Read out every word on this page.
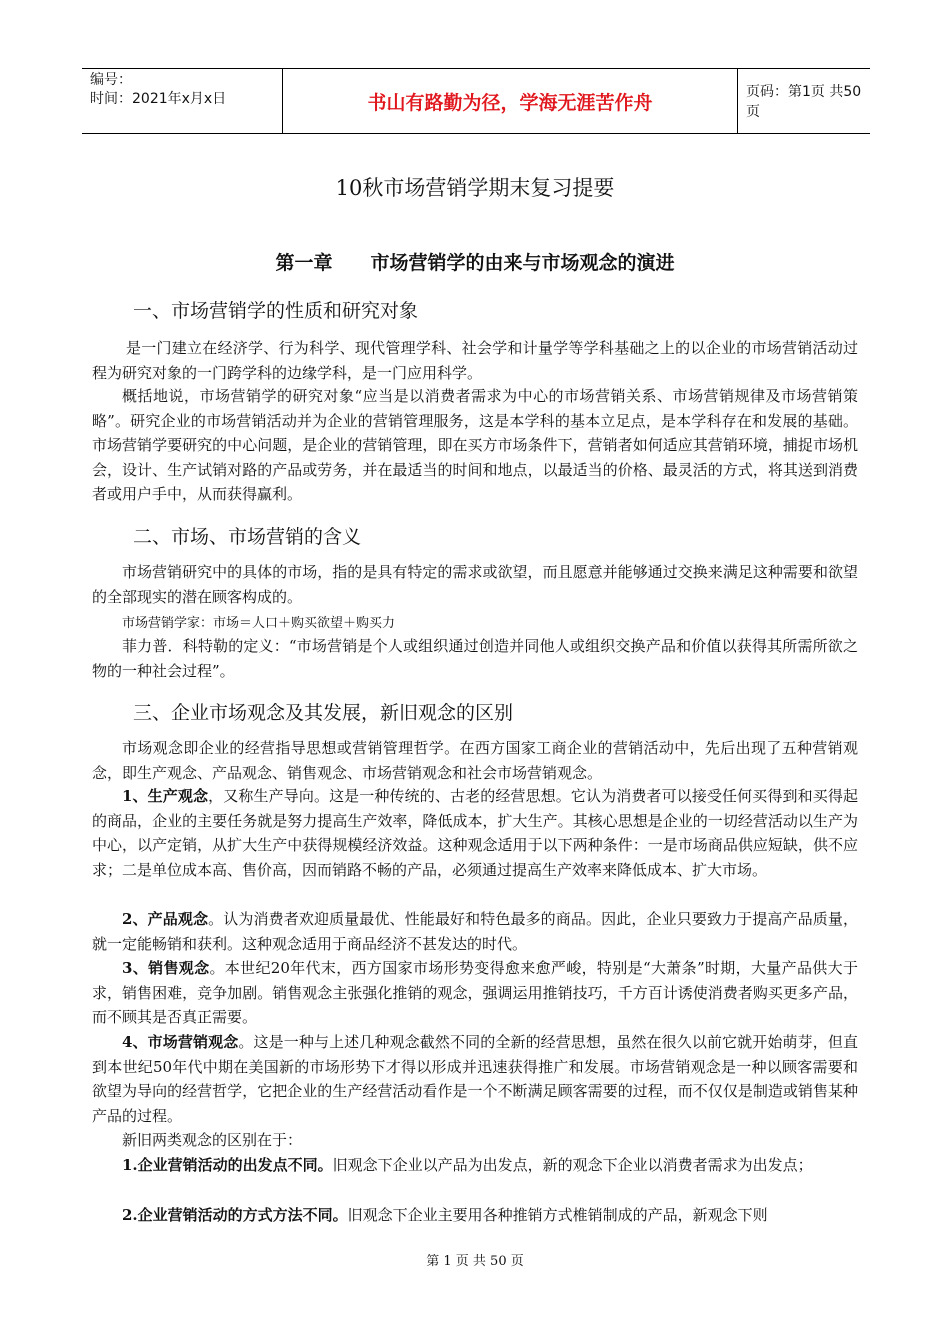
编号：
时间：2021年x月x日	书山有路勤为径，学海无涯苦作舟	页码：第1页 共50页
10秋市场营销学期末复习提要
第一章　　市场营销学的由来与市场观念的演进
一、市场营销学的性质和研究对象
是一门建立在经济学、行为科学、现代管理学科、社会学和计量学等学科基础之上的以企业的市场营销活动过程为研究对象的一门跨学科的边缘学科，是一门应用科学。
概括地说，市场营销学的研究对象“应当是以消费者需求为中心的市场营销关系、市场营销规律及市场营销策略”。研究企业的市场营销活动并为企业的营销管理服务，这是本学科的基本立足点，是本学科存在和发展的基础。市场营销学要研究的中心问题，是企业的营销管理，即在买方市场条件下，营销者如何适应其营销环境，捕捉市场机会，设计、生产试销对路的产品或劳务，并在最适当的时间和地点，以最适当的价格、最灵活的方式，将其送到消费者或用户手中，从而获得赢利。
二、市场、市场营销的含义
市场营销研究中的具体的市场，指的是具有特定的需求或欲望，而且愿意并能够通过交换来满足这种需要和欲望的全部现实的潜在顾客构成的。
市场营销学家：市场＝人口＋购买欲望＋购买力
菲力普．科特勒的定义：“市场营销是个人或组织通过创造并同他人或组织交换产品和价值以获得其所需所欲之物的一种社会过程”。
三、企业市场观念及其发展，新旧观念的区别
市场观念即企业的经营指导思想或营销管理哲学。在西方国家工商企业的营销活动中，先后出现了五种营销观念，即生产观念、产品观念、销售观念、市场营销观念和社会市场营销观念。
1、生产观念，又称生产导向。这是一种传统的、古老的经营思想。它认为消费者可以接受任何买得到和买得起的商品，企业的主要任务就是努力提高生产效率，降低成本，扩大生产。其核心思想是企业的一切经营活动以生产为中心，以产定销，从扩大生产中获得规模经济效益。这种观念适用于以下两种条件：一是市场商品供应短缺，供不应求；二是单位成本高、售价高，因而销路不畅的产品，必须通过提高生产效率来降低成本、扩大市场。
2、产品观念。认为消费者欢迎质量最优、性能最好和特色最多的商品。因此，企业只要致力于提高产品质量，就一定能畅销和获利。这种观念适用于商品经济不甚发达的时代。
3、销售观念。本世纪20年代末，西方国家市场形势变得愈来愈严峻，特别是“大萧条”时期，大量产品供大于求，销售困难，竞争加剧。销售观念主张强化推销的观念，强调运用推销技巧，千方百计诱使消费者购买更多产品，而不顾其是否真正需要。
4、市场营销观念。这是一种与上述几种观念截然不同的全新的经营思想，虽然在很久以前它就开始萌芽，但直到本世纪50年代中期在美国新的市场形势下才得以形成并迅速获得推广和发展。市场营销观念是一种以顾客需要和欲望为导向的经营哲学，它把企业的生产经营活动看作是一个不断满足顾客需要的过程，而不仅仅是制造或销售某种产品的过程。
新旧两类观念的区别在于：
1.企业营销活动的出发点不同。旧观念下企业以产品为出发点，新的观念下企业以消费者需求为出发点；
2.企业营销活动的方式方法不同。旧观念下企业主要用各种推销方式椎销制成的产品，新观念下则
第 1 页 共 50 页
